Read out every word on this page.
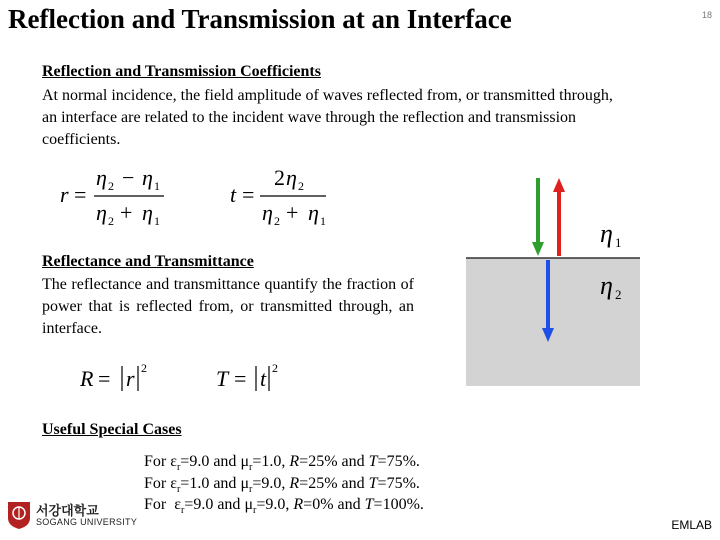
Reflection and Transmission at an Interface	18
Reflection and Transmission Coefficients
At normal incidence, the field amplitude of waves reflected from, or transmitted through, an interface are related to the incident wave through the reflection and transmission coefficients.
r =
η 2 − η 1
η 2 + η 1
t =
2 η 2
η 2 + η 1
Reflectance and Transmittance
The reflectance and transmittance quantify the fraction of power that is reflected from, or transmitted through, an interface.
R = r 2	T = t 2
η 1
η 2
Useful Special Cases
For $\varepsilon_r=9.0$ and $\mu_r=1.0$, R=25% and T=75%.
For $\varepsilon_r=1.0$ and $\mu_r=9.0$, R=25% and T=75%.
For $\varepsilon_r=9.0$ and $\mu_r=9.0$, R=0% and T=100%.
서강대학교
SOGANG UNIVERSITY	EMLAB
